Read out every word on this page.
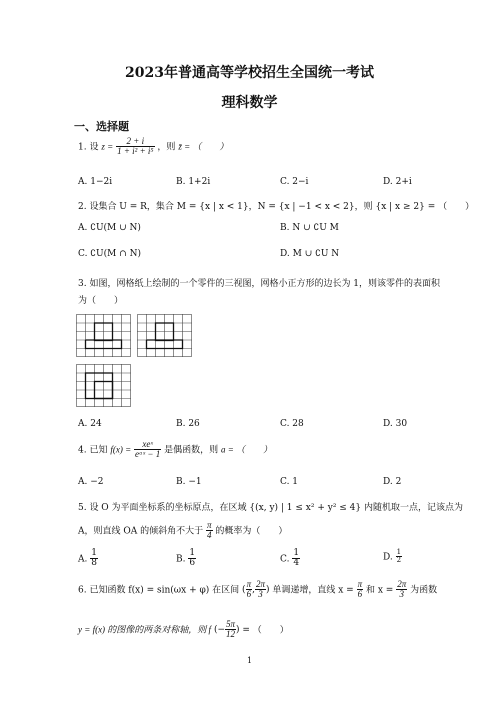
2023年普通高等学校招生全国统一考试
理科数学
一、选择题
1. 设 $z = \frac{2 + i}{\text{1 + i² + i⁵}}$ ，则 z̄ = （　　）
A. 1−2i	B. 1+2i	C. 2−i	D. 2+i
2. 设集合 U = R，集合 M = {x | x < 1}，N = {x | −1 < x < 2}，则 {x | x ≥ 2} = （　　）
A. ∁U(M ∪ N)	B. N ∪ ∁U M
C. ∁U(M ∩ N)	D. M ∪ ∁U N
3. 如图，网格纸上绘制的一个零件的三视图，网格小正方形的边长为 1，则该零件的表面积
为（　　）
A. 24	B. 26	C. 28	D. 30
4. 已知 $f(x) = \frac{\text{xeˣ}}{\text{eᵃˣ − 1}}$ 是偶函数，则 a = （　　）
A. −2	B. −1	C. 1	D. 2
5. 设 O 为平面坐标系的坐标原点，在区域 {(x, y) | 1 ≤ x² + y² ≤ 4} 内随机取一点，记该点为
A，则直线 OA 的倾斜角不大于 $\frac{\pi}{4}$ 的概率为（　　）
A. $\frac{1}{8}$	B. $\frac{1}{6}$	C. $\frac{1}{4}$	D. $\frac{1}{2}$
6. 已知函数 f(x) = sin(ωx + φ) 在区间 ( $\frac{\pi}{6}$ , $\frac{2\pi}{3}$ ) 单调递增，直线 $x = \frac{\pi}{6}$ 和 $x = \frac{2\pi}{3}$ 为函数
y = f(x) 的图像的两条对称轴，则 f (− $\frac{5\pi}{12}$ ) = （　　）
1
